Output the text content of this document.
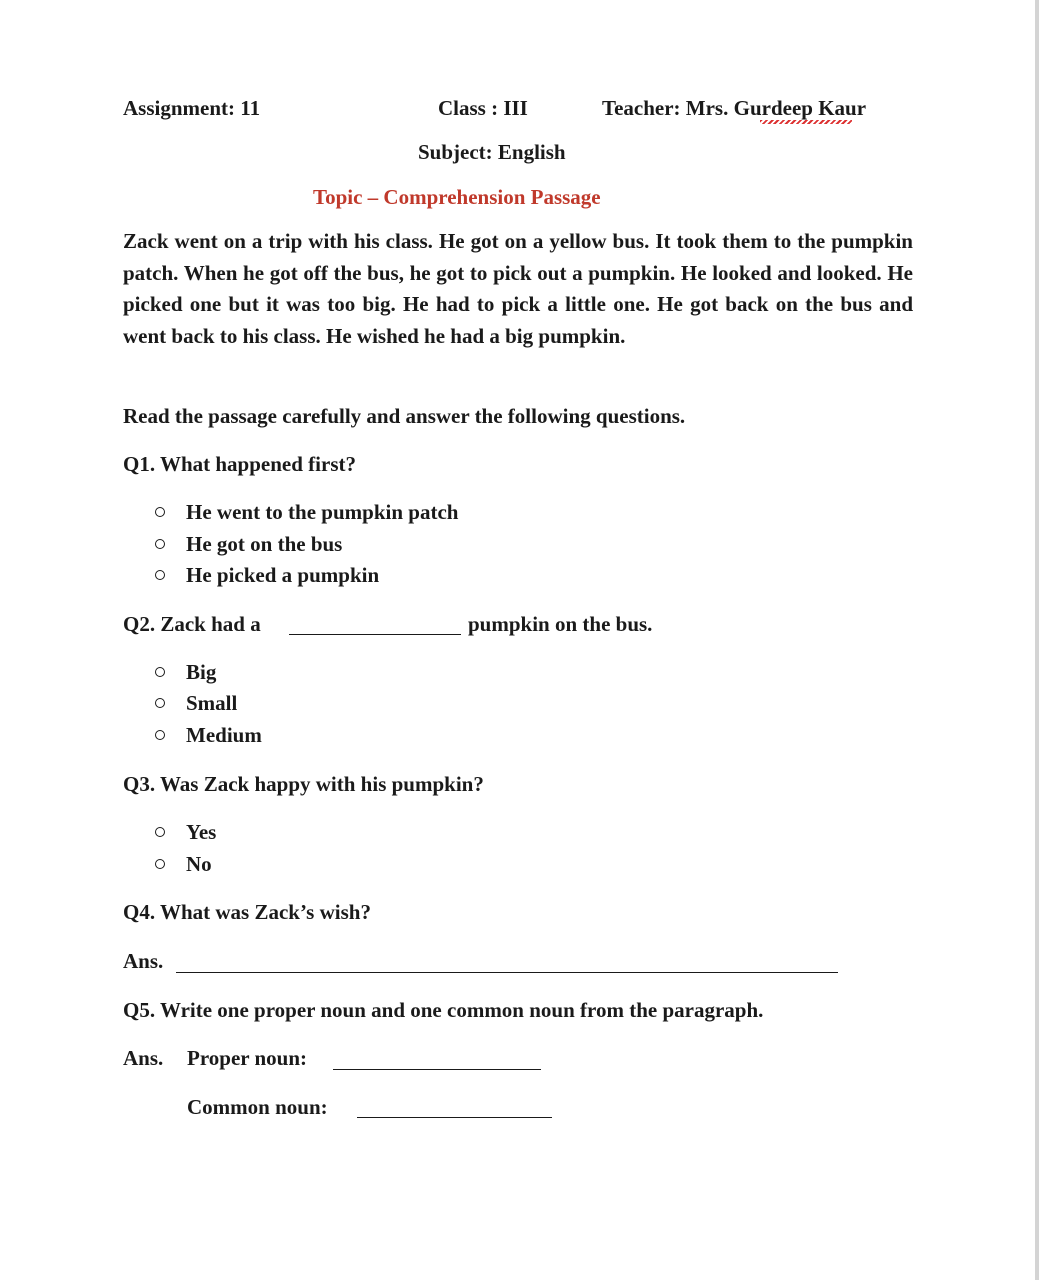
Assignment: 11	Class : III	Teacher: Mrs. Gurdeep Kaur
Subject: English
Topic – Comprehension Passage
Zack went on a trip with his class. He got on a yellow bus. It took them to the pumpkin patch. When he got off the bus, he got to pick out a pumpkin. He looked and looked. He picked one but it was too big. He had to pick a little one. He got back on the bus and went back to his class. He wished he had a big pumpkin.
Read the passage carefully and answer the following questions.
Q1. What happened first?
He went to the pumpkin patch
He got on the bus
He picked a pumpkin
Q2. Zack had a	pumpkin on the bus.
Big
Small
Medium
Q3. Was Zack happy with his pumpkin?
Yes
No
Q4. What was Zack’s wish?
Ans.
Q5. Write one proper noun and one common noun from the paragraph.
Ans. Proper noun:
Common noun:
